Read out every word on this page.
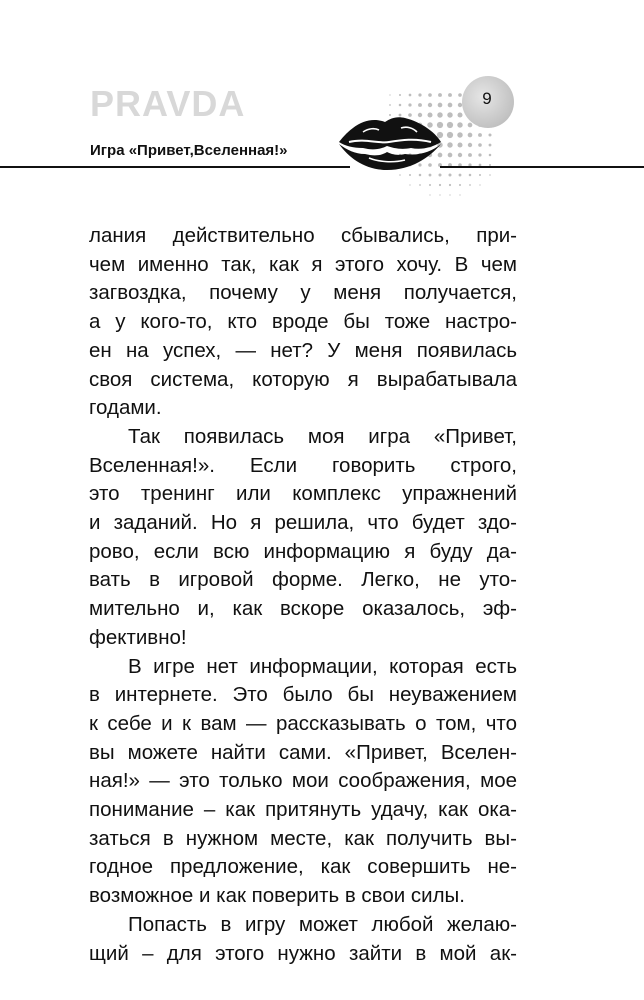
PRAVDA	9

Игра «Привет,Вселенная!»

лания действительно сбывались, при-

чем именно так, как я этого хочу. В чем

загвоздка, почему у меня получается,

а у кого-то, кто вроде бы тоже настро-

ен на успех, — нет? У меня появилась

своя система, которую я вырабатывала

годами.

Так появилась моя игра «Привет,

Вселенная!». Если говорить строго,

это тренинг или комплекс упражнений

и заданий. Но я решила, что будет здо-

рово, если всю информацию я буду да-

вать в игровой форме. Легко, не уто-

мительно и, как вскоре оказалось, эф-

фективно!

В игре нет информации, которая есть

в интернете. Это было бы неуважением

к себе и к вам — рассказывать о том, что

вы можете найти сами. «Привет, Вселен-

ная!» — это только мои соображения, мое

понимание – как притянуть удачу, как ока-

заться в нужном месте, как получить вы-

годное предложение, как совершить не-

возможное и как поверить в свои силы.

Попасть в игру может любой желаю-

щий – для этого нужно зайти в мой ак-
